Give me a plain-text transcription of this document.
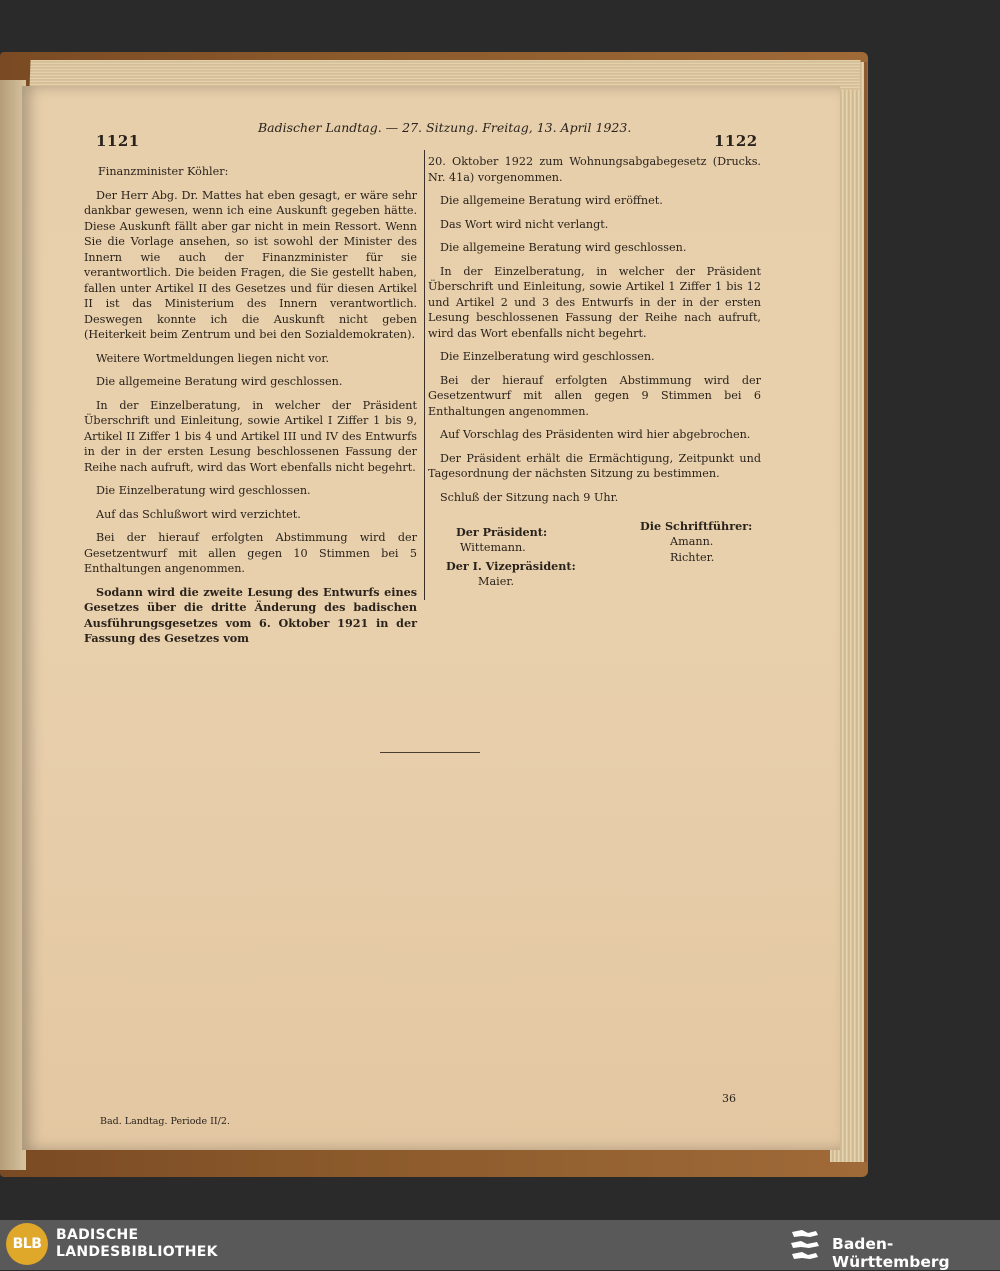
1121
Badischer Landtag. — 27. Sitzung. Freitag, 13. April 1923.
1122

Finanzminister Köhler:

Der Herr Abg. Dr. Mattes hat eben gesagt, er wäre sehr dankbar gewesen, wenn ich eine Auskunft gegeben hätte. Diese Auskunft fällt aber gar nicht in mein Ressort. Wenn Sie die Vorlage ansehen, so ist sowohl der Minister des Innern wie auch der Finanzminister für sie verantwortlich. Die beiden Fragen, die Sie gestellt haben, fallen unter Artikel II des Gesetzes und für diesen Artikel II ist das Ministerium des Innern verantwortlich. Deswegen konnte ich die Auskunft nicht geben (Heiterkeit beim Zentrum und bei den Sozialdemokraten).

Weitere Wortmeldungen liegen nicht vor.

Die allgemeine Beratung wird geschlossen.

In der Einzelberatung, in welcher der Präsident Überschrift und Einleitung, sowie Artikel I Ziffer 1 bis 9, Artikel II Ziffer 1 bis 4 und Artikel III und IV des Entwurfs in der in der ersten Lesung beschlossenen Fassung der Reihe nach aufruft, wird das Wort ebenfalls nicht begehrt.

Die Einzelberatung wird geschlossen.

Auf das Schlußwort wird verzichtet.

Bei der hierauf erfolgten Abstimmung wird der Gesetzentwurf mit allen gegen 10 Stimmen bei 5 Enthaltungen angenommen.

Sodann wird die zweite Lesung des Entwurfs eines Gesetzes über die dritte Änderung des badischen Ausführungsgesetzes vom 6. Oktober 1921 in der Fassung des Gesetzes vom

20. Oktober 1922 zum Wohnungsabgabegesetz (Drucks. Nr. 41a) vorgenommen.

Die allgemeine Beratung wird eröffnet.

Das Wort wird nicht verlangt.

Die allgemeine Beratung wird geschlossen.

In der Einzelberatung, in welcher der Präsident Überschrift und Einleitung, sowie Artikel 1 Ziffer 1 bis 12 und Artikel 2 und 3 des Entwurfs in der in der ersten Lesung beschlossenen Fassung der Reihe nach aufruft, wird das Wort ebenfalls nicht begehrt.

Die Einzelberatung wird geschlossen.

Bei der hierauf erfolgten Abstimmung wird der Gesetzentwurf mit allen gegen 9 Stimmen bei 6 Enthaltungen angenommen.

Auf Vorschlag des Präsidenten wird hier abgebrochen.

Der Präsident erhält die Ermächtigung, Zeitpunkt und Tagesordnung der nächsten Sitzung zu bestimmen.

Schluß der Sitzung nach 9 Uhr.

Der Präsident:
Wittemann.
Der I. Vizepräsident:
Maier.
Die Schriftführer:
Amann.
Richter.
Bad. Landtag. Periode II/2.
36
BLB
BADISCHE
LANDESBIBLIOTHEK	Baden-Württemberg
